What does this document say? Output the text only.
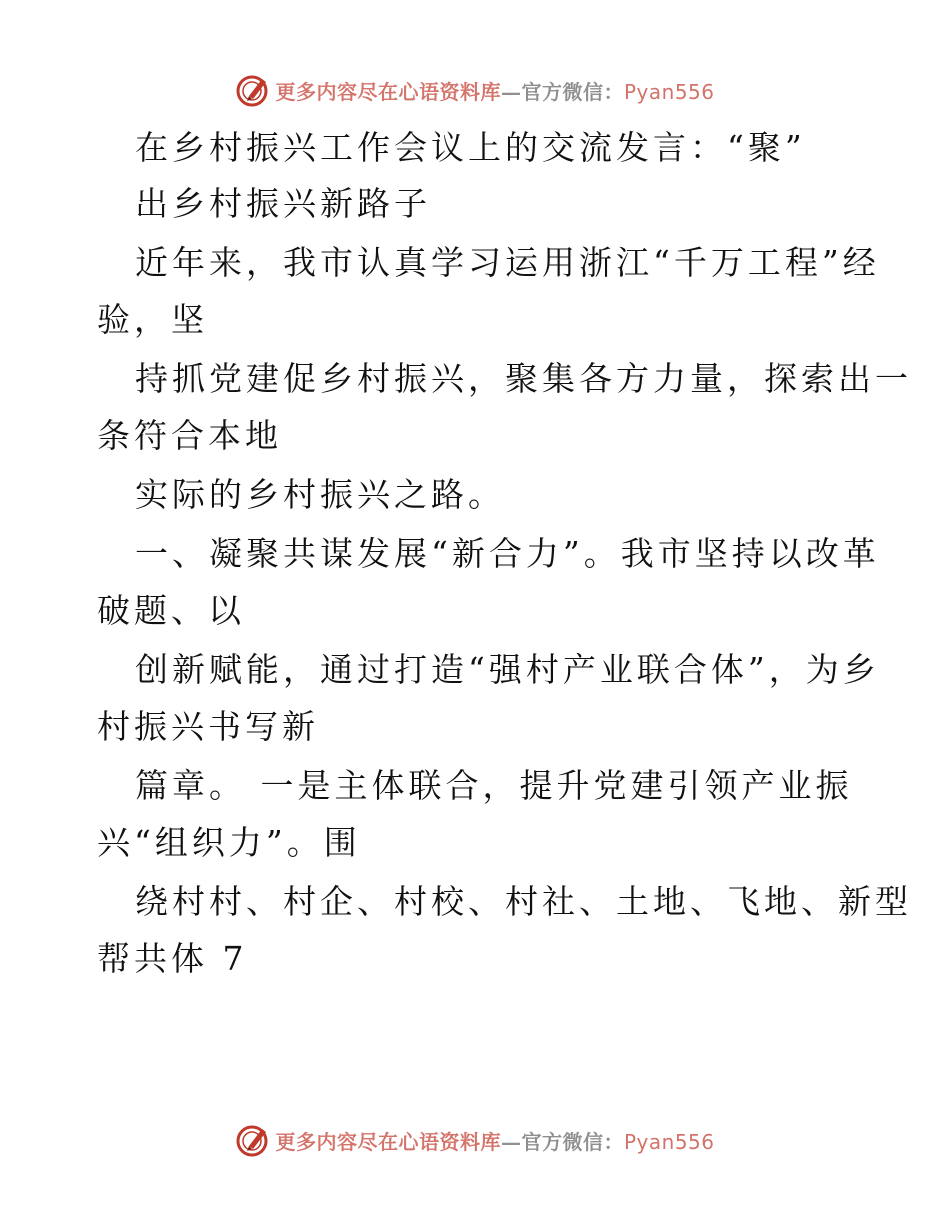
更多内容尽在心语资料库—官方微信：Pyan556
在乡村振兴工作会议上的交流发言：“聚”
出乡村振兴新路子
近年来，我市认真学习运用浙江“千万工程”经
验，坚
持抓党建促乡村振兴，聚集各方力量，探索出一
条符合本地
实际的乡村振兴之路。
一、凝聚共谋发展“新合力”。我市坚持以改革
破题、以
创新赋能，通过打造“强村产业联合体”，为乡
村振兴书写新
篇章。 一是主体联合，提升党建引领产业振
兴“组织力”。围
绕村村、村企、村校、村社、土地、飞地、新型
帮共体 7
更多内容尽在心语资料库—官方微信：Pyan556
